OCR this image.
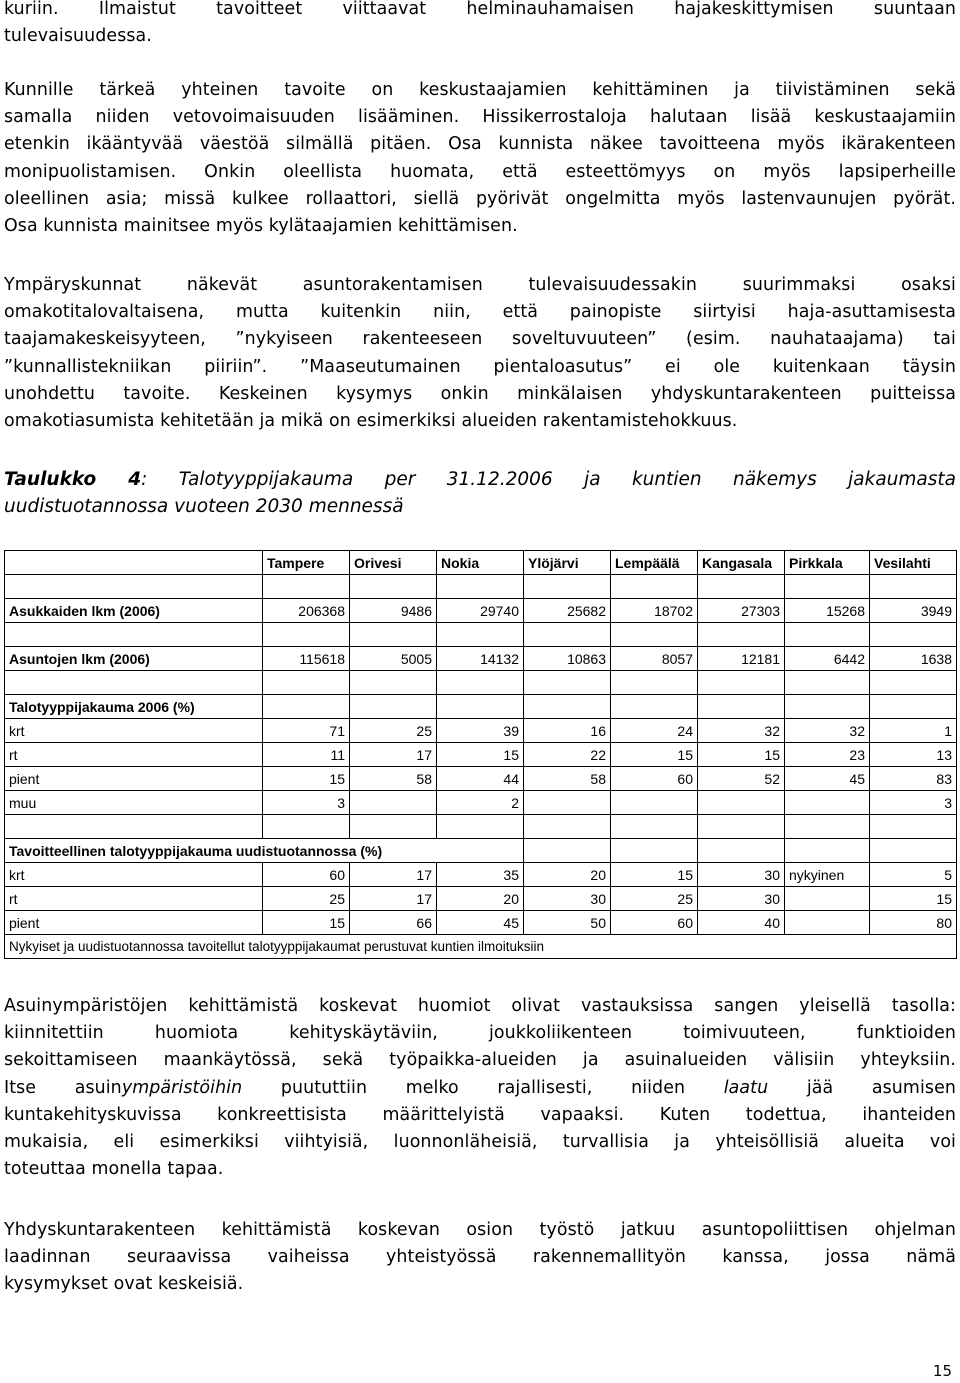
kuriin. Ilmaistut tavoitteet viittaavat helminauhamaisen hajakeskittymisen suuntaan
tulevaisuudessa.
Kunnille tärkeä yhteinen tavoite on keskustaajamien kehittäminen ja tiivistäminen sekä
samalla niiden vetovoimaisuuden lisääminen. Hissikerrostaloja halutaan lisää keskustaajamiin
etenkin ikääntyvää väestöä silmällä pitäen. Osa kunnista näkee tavoitteena myös ikärakenteen
monipuolistamisen. Onkin oleellista huomata, että esteettömyys on myös lapsiperheille
oleellinen asia; missä kulkee rollaattori, siellä pyörivät ongelmitta myös lastenvaunujen pyörät.
Osa kunnista mainitsee myös kylätaajamien kehittämisen.
Ympäryskunnat näkevät asuntorakentamisen tulevaisuudessakin suurimmaksi osaksi
omakotitalovaltaisena, mutta kuitenkin niin, että painopiste siirtyisi haja-asuttamisesta
taajamakeskeisyyteen, ”nykyiseen rakenteeseen soveltuvuuteen” (esim. nauhataajama) tai
”kunnallistekniikan piiriin”. ”Maaseutumainen pientaloasutus” ei ole kuitenkaan täysin
unohdettu tavoite. Keskeinen kysymys onkin minkälaisen yhdyskuntarakenteen puitteissa
omakotiasumista kehitetään ja mikä on esimerkiksi alueiden rakentamistehokkuus.
Taulukko 4: Talotyyppijakauma per 31.12.2006 ja kuntien näkemys jakaumasta
uudistuotannossa vuoteen 2030 mennessä
	Tampere	Orivesi	Nokia	Ylöjärvi	Lempäälä	Kangasala	Pirkkala	Vesilahti

Asukkaiden lkm (2006)	206368	9486	29740	25682	18702	27303	15268	3949

Asuntojen lkm (2006)	115618	5005	14132	10863	8057	12181	6442	1638

Talotyyppijakauma 2006 (%)								
krt	71	25	39	16	24	32	32	1
rt	11	17	15	22	15	15	23	13
pient	15	58	44	58	60	52	45	83
muu	3		2					3

Tavoitteellinen talotyyppijakauma uudistuotannossa (%)								
krt	60	17	35	20	15	30	nykyinen	5
rt	25	17	20	30	25	30		15
pient	15	66	45	50	60	40		80
Nykyiset ja uudistuotannossa tavoitellut talotyyppijakaumat perustuvat kuntien ilmoituksiin								
Asuinympäristöjen kehittämistä koskevat huomiot olivat vastauksissa sangen yleisellä tasolla:
kiinnitettiin huomiota kehityskäytäviin, joukkoliikenteen toimivuuteen, funktioiden
sekoittamiseen maankäytössä, sekä työpaikka-alueiden ja asuinalueiden välisiin yhteyksiin.
Itse asuinympäristöihin puututtiin melko rajallisesti, niiden laatu jää asumisen
kuntakehityskuvissa konkreettisista määrittelyistä vapaaksi. Kuten todettua, ihanteiden
mukaisia, eli esimerkiksi viihtyisiä, luonnonläheisiä, turvallisia ja yhteisöllisiä alueita voi
toteuttaa monella tapaa.
Yhdyskuntarakenteen kehittämistä koskevan osion työstö jatkuu asuntopoliittisen ohjelman
laadinnan seuraavissa vaiheissa yhteistyössä rakennemallityön kanssa, jossa nämä
kysymykset ovat keskeisiä.
15
